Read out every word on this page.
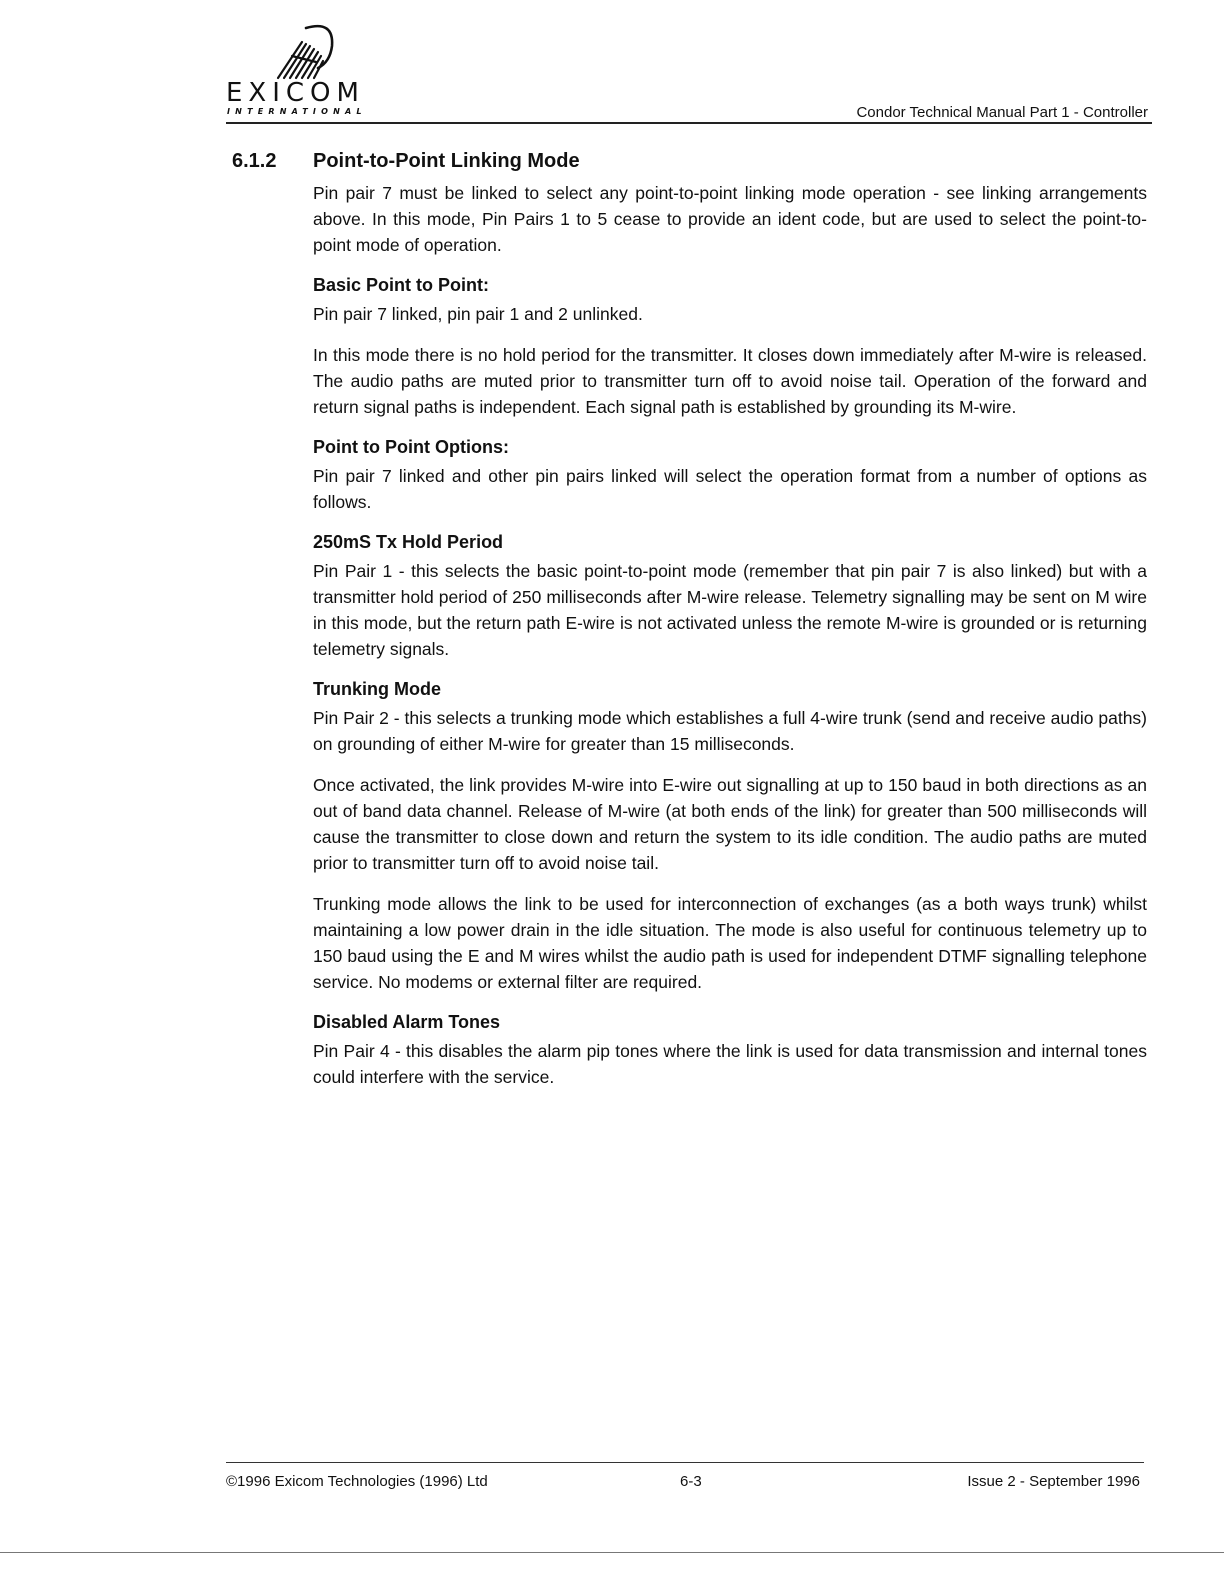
EXICOM
INTERNATIONAL	Condor Technical Manual Part 1 - Controller
6.1.2	Point-to-Point Linking Mode

Pin pair 7 must be linked to select any point-to-point linking mode operation - see linking arrangements above. In this mode, Pin Pairs 1 to 5 cease to provide an ident code, but are used to select the point-to-point mode of operation.

Basic Point to Point:

Pin pair 7 linked, pin pair 1 and 2 unlinked.

In this mode there is no hold period for the transmitter. It closes down immediately after M-wire is released. The audio paths are muted prior to transmitter turn off to avoid noise tail. Operation of the forward and return signal paths is independent. Each signal path is established by grounding its M-wire.

Point to Point Options:

Pin pair 7 linked and other pin pairs linked will select the operation format from a number of options as follows.

250mS Tx Hold Period

Pin Pair 1 - this selects the basic point-to-point mode (remember that pin pair 7 is also linked) but with a transmitter hold period of 250 milliseconds after M-wire release. Telemetry signalling may be sent on M wire in this mode, but the return path E-wire is not activated unless the remote M-wire is grounded or is returning telemetry signals.

Trunking Mode

Pin Pair 2 - this selects a trunking mode which establishes a full 4-wire trunk (send and receive audio paths) on grounding of either M-wire for greater than 15 milliseconds.

Once activated, the link provides M-wire into E-wire out signalling at up to 150 baud in both directions as an out of band data channel. Release of M-wire (at both ends of the link) for greater than 500 milliseconds will cause the transmitter to close down and return the system to its idle condition. The audio paths are muted prior to transmitter turn off to avoid noise tail.

Trunking mode allows the link to be used for interconnection of exchanges (as a both ways trunk) whilst maintaining a low power drain in the idle situation. The mode is also useful for continuous telemetry up to 150 baud using the E and M wires whilst the audio path is used for independent DTMF signalling telephone service. No modems or external filter are required.

Disabled Alarm Tones

Pin Pair 4 - this disables the alarm pip tones where the link is used for data transmission and internal tones could interfere with the service.

©1996 Exicom Technologies (1996) Ltd	6-3	Issue 2 - September 1996
